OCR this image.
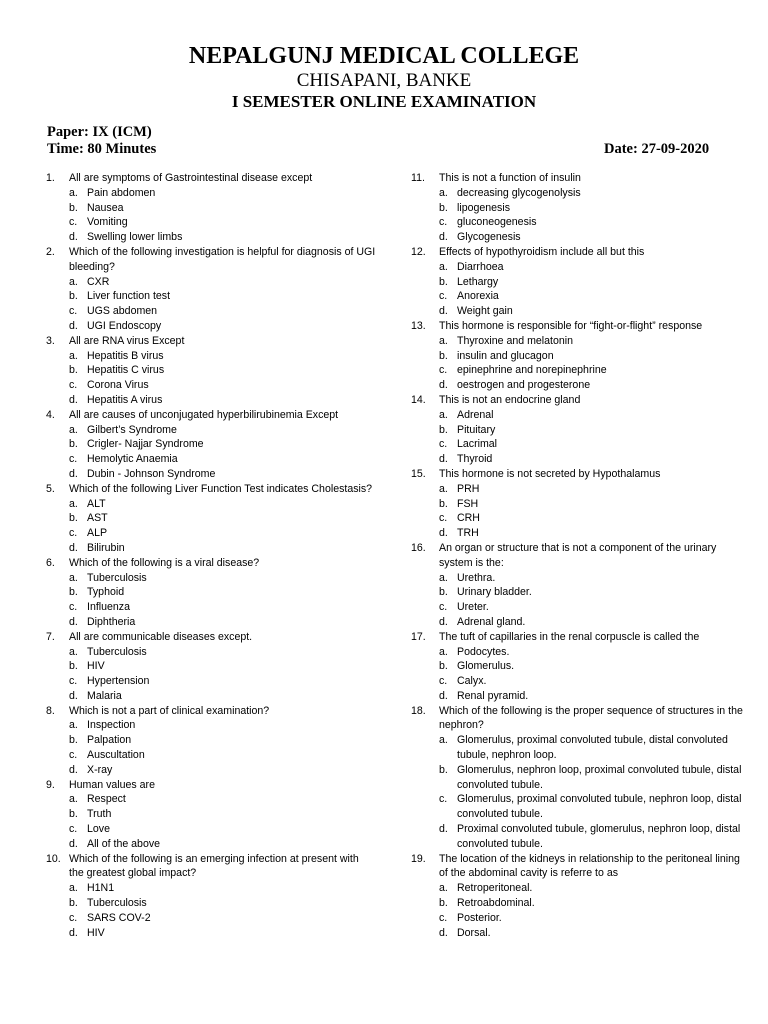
NEPALGUNJ MEDICAL COLLEGE
CHISAPANI, BANKE
I SEMESTER ONLINE EXAMINATION
Paper: IX (ICM)
Time: 80 Minutes	Date: 27-09-2020
1.	All are symptoms of Gastrointestinal disease except
a. Pain abdomen
b. Nausea
c. Vomiting
d. Swelling lower limbs
2.	Which of the following investigation is helpful for diagnosis of UGI bleeding?
a. CXR
b. Liver function test
c. UGS abdomen
d. UGI Endoscopy
3.	All are RNA virus Except
a. Hepatitis B virus
b. Hepatitis C virus
c. Corona Virus
d. Hepatitis A virus
4.	All are causes of unconjugated hyperbilirubinemia Except
a. Gilbert’s Syndrome
b. Crigler- Najjar Syndrome
c. Hemolytic Anaemia
d. Dubin - Johnson Syndrome
5.	Which of the following Liver Function Test indicates Cholestasis?
a. ALT
b. AST
c. ALP
d. Bilirubin
6.	Which of the following is a viral disease?
a. Tuberculosis
b. Typhoid
c. Influenza
d. Diphtheria
7.	All are communicable diseases except.
a. Tuberculosis
b. HIV
c. Hypertension
d. Malaria
8.	Which is not a part of clinical examination?
a. Inspection
b. Palpation
c. Auscultation
d. X-ray
9.	Human values are
a. Respect
b. Truth
c. Love
d. All of the above
10. Which of the following is an emerging infection at present with the greatest global impact?
a. H1N1
b. Tuberculosis
c. SARS COV-2
d. HIV
11.	This is not a function of insulin
a. decreasing glycogenolysis
b. lipogenesis
c. gluconeogenesis
d. Glycogenesis
12.	Effects of hypothyroidism include all but this
a. Diarrhoea
b. Lethargy
c. Anorexia
d. Weight gain
13.	This hormone is responsible for “fight-or-flight” response
a. Thyroxine and melatonin
b. insulin and glucagon
c. epinephrine and norepinephrine
d. oestrogen and progesterone
14.	This is not an endocrine gland
a. Adrenal
b. Pituitary
c. Lacrimal
d. Thyroid
15.	This hormone is not secreted by Hypothalamus
a. PRH
b. FSH
c. CRH
d. TRH
16.	An organ or structure that is not a component of the urinary system is the:
a. Urethra.
b. Urinary bladder.
c. Ureter.
d. Adrenal gland.
17.	The tuft of capillaries in the renal corpuscle is called the
a. Podocytes.
b. Glomerulus.
c. Calyx.
d. Renal pyramid.
18.	Which of the following is the proper sequence of structures in the nephron?
a. Glomerulus, proximal convoluted tubule, distal convoluted tubule, nephron loop.
b. Glomerulus, nephron loop, proximal convoluted tubule, distal convoluted tubule.
c. Glomerulus, proximal convoluted tubule, nephron loop, distal convoluted tubule.
d. Proximal convoluted tubule, glomerulus, nephron loop, distal convoluted tubule.
19.	The location of the kidneys in relationship to the peritoneal lining of the abdominal cavity is referre to as
a. Retroperitoneal.
b. Retroabdominal.
c. Posterior.
d. Dorsal.
